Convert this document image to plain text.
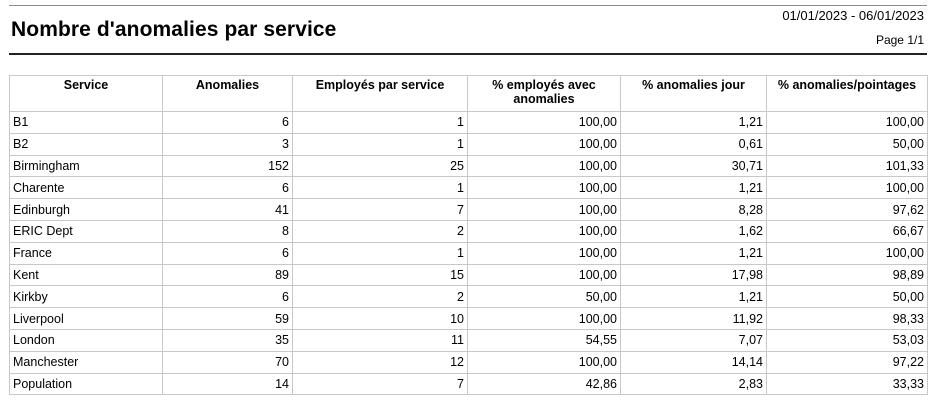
Nombre d'anomalies par service
01/01/2023 - 06/01/2023
Page 1/1
Service	Anomalies	Employés par service	% employés avec anomalies	% anomalies jour	% anomalies/pointages
B1	6	1	100,00	1,21	100,00
B2	3	1	100,00	0,61	50,00
Birmingham	152	25	100,00	30,71	101,33
Charente	6	1	100,00	1,21	100,00
Edinburgh	41	7	100,00	8,28	97,62
ERIC Dept	8	2	100,00	1,62	66,67
France	6	1	100,00	1,21	100,00
Kent	89	15	100,00	17,98	98,89
Kirkby	6	2	50,00	1,21	50,00
Liverpool	59	10	100,00	11,92	98,33
London	35	11	54,55	7,07	53,03
Manchester	70	12	100,00	14,14	97,22
Population	14	7	42,86	2,83	33,33
